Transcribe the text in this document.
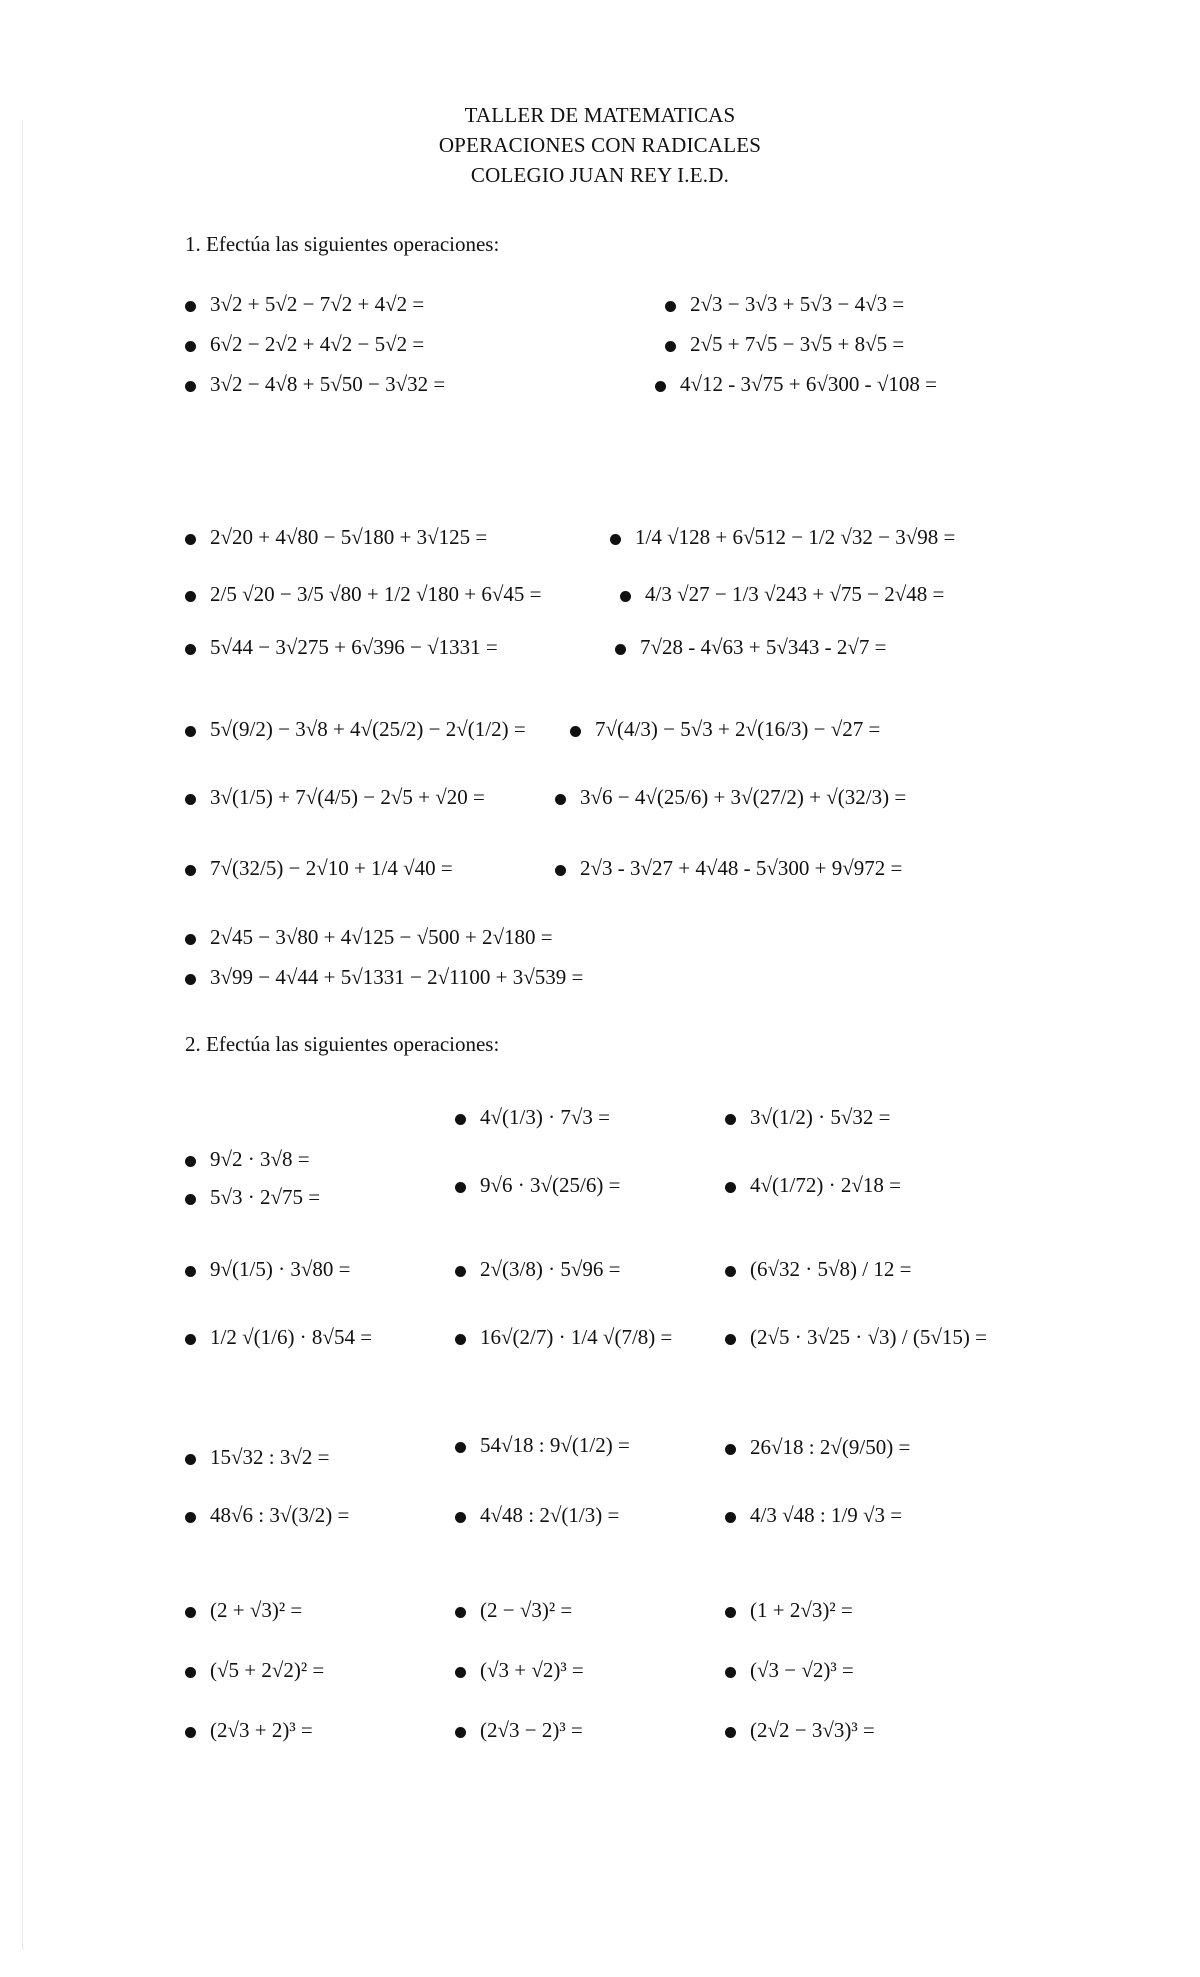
TALLER DE MATEMATICAS
OPERACIONES CON RADICALES
COLEGIO JUAN REY I.E.D.
1. Efectúa las siguientes operaciones:
3√2 + 5√2 − 7√2 + 4√2 =
6√2 − 2√2 + 4√2 − 5√2 =
3√2 − 4√8 + 5√50 − 3√32 =
2√3 − 3√3 + 5√3 − 4√3 =
2√5 + 7√5 − 3√5 + 8√5 =
4√12 - 3√75 + 6√300 - √108 =
2√20 + 4√80 − 5√180 + 3√125 =
2/5 √20 − 3/5 √80 + 1/2 √180 + 6√45 =
5√44 − 3√275 + 6√396 − √1331 =
1/4 √128 + 6√512 − 1/2 √32 − 3√98 =
4/3 √27 − 1/3 √243 + √75 − 2√48 =
7√28 - 4√63 + 5√343 - 2√7 =
5√(9/2) − 3√8 + 4√(25/2) − 2√(1/2) =
3√(1/5) + 7√(4/5) − 2√5 + √20 =
7√(32/5) − 2√10 + 1/4 √40 =
7√(4/3) − 5√3 + 2√(16/3) − √27 =
3√6 − 4√(25/6) + 3√(27/2) + √(32/3) =
2√3 - 3√27 + 4√48 - 5√300 + 9√972 =
2√45 − 3√80 + 4√125 − √500 + 2√180 =
3√99 − 4√44 + 5√1331 − 2√1100 + 3√539 =
2. Efectúa las siguientes operaciones:
9√2 · 3√8 =
5√3 · 2√75 =
9√(1/5) · 3√80 =
1/2 √(1/6) · 8√54 =
4√(1/3) · 7√3 =
9√6 · 3√(25/6) =
2√(3/8) · 5√96 =
16√(2/7) · 1/4 √(7/8) =
3√(1/2) · 5√32 =
4√(1/72) · 2√18 =
(6√32 · 5√8) / 12 =
(2√5 · 3√25 · √3) / (5√15) =
15√32 : 3√2 =
48√6 : 3√(3/2) =
54√18 : 9√(1/2) =
4√48 : 2√(1/3) =
26√18 : 2√(9/50) =
4/3 √48 : 1/9 √3 =
(2 + √3)² =
(√5 + 2√2)² =
(2√3 + 2)³ =
(2 − √3)² =
(√3 + √2)³ =
(2√3 − 2)³ =
(1 + 2√3)² =
(√3 − √2)³ =
(2√2 − 3√3)³ =
